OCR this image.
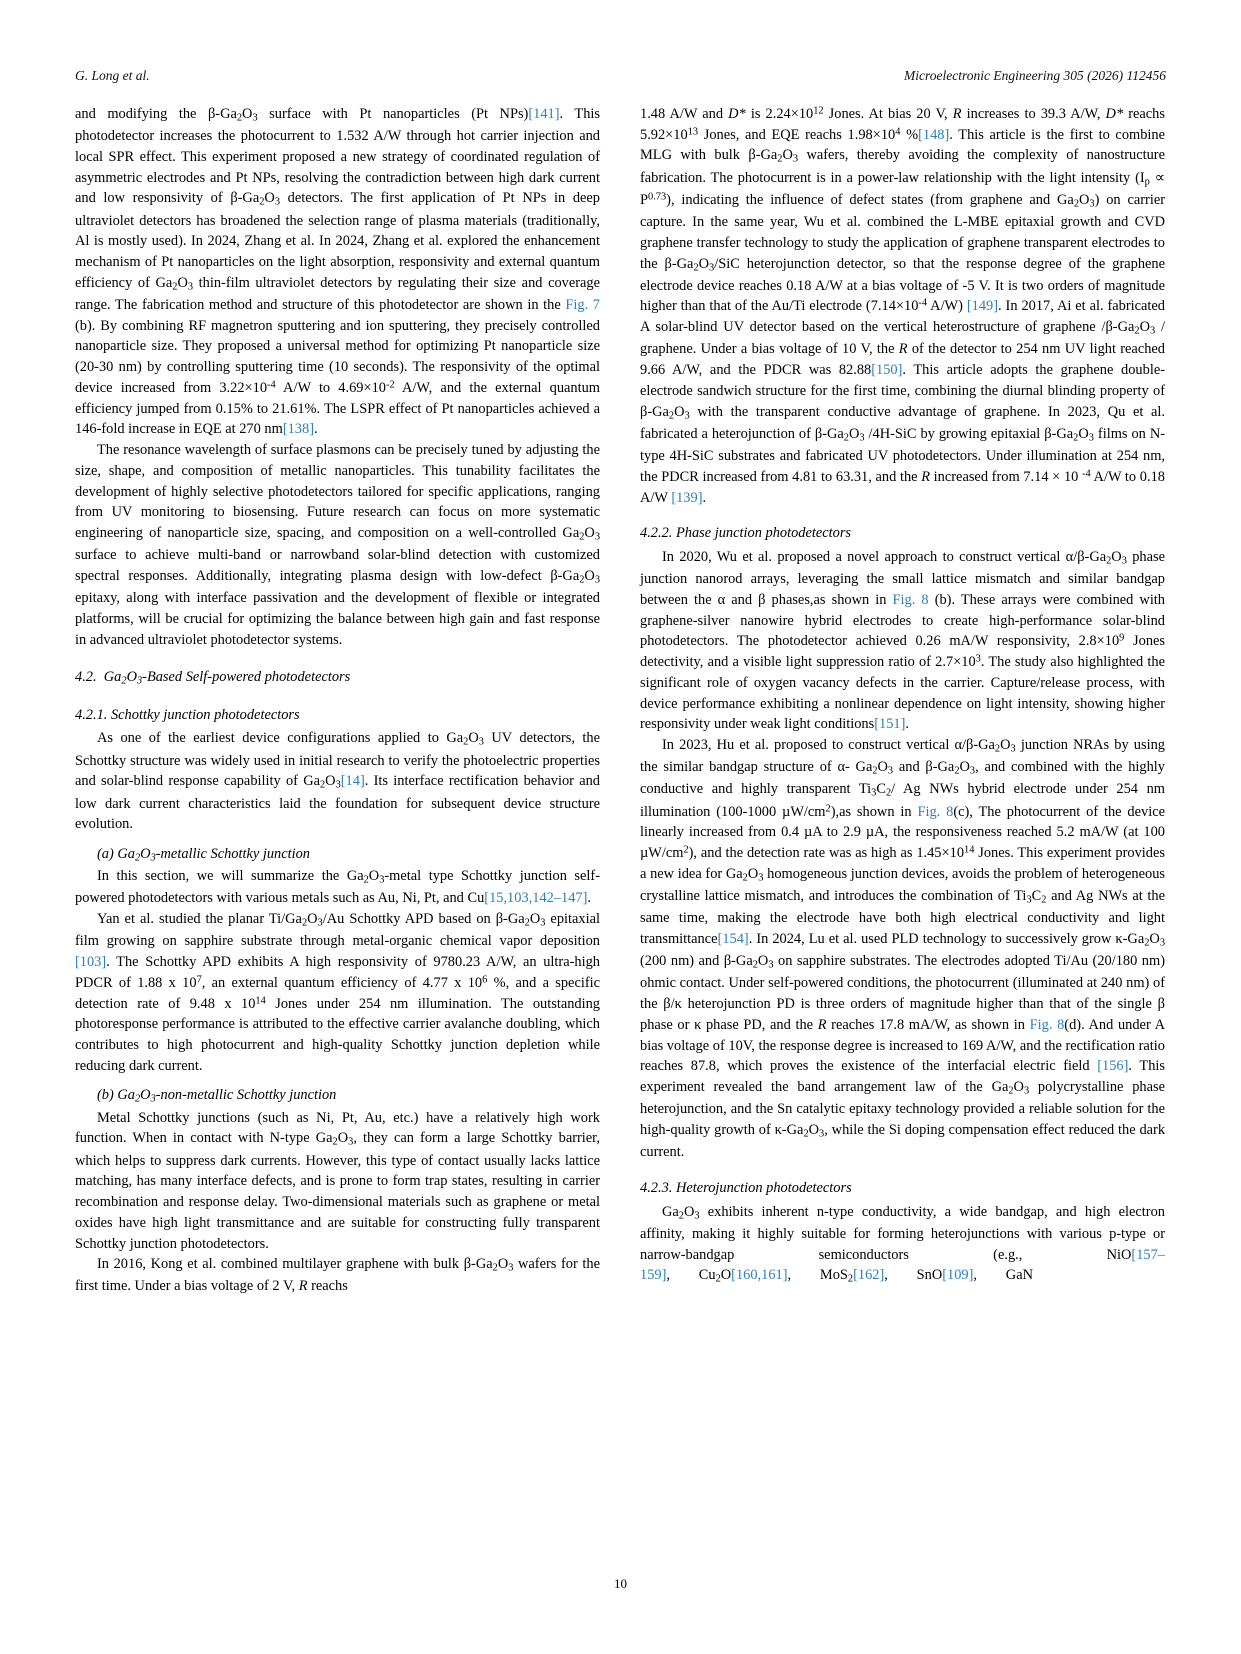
G. Long et al.	Microelectronic Engineering 305 (2026) 112456

and modifying the $\beta-Ga_2O_3$ surface with Pt nanoparticles (Pt NPs)[141]. This photodetector increases the photocurrent to 1.532 A/W through hot carrier injection and local SPR effect. This experiment proposed a new strategy of coordinated regulation of asymmetric electrodes and Pt NPs, resolving the contradiction between high dark current and low responsivity of $\beta-Ga_2O_3$ detectors. The first application of Pt NPs in deep ultraviolet detectors has broadened the selection range of plasma materials (traditionally, Al is mostly used). In 2024, Zhang et al. In 2024, Zhang et al. explored the enhancement mechanism of Pt nanoparticles on the light absorption, responsivity and external quantum efficiency of $Ga_2O_3$ thin-film ultraviolet detectors by regulating their size and coverage range. The fabrication method and structure of this photodetector are shown in the Fig. 7 (b). By combining RF magnetron sputtering and ion sputtering, they precisely controlled nanoparticle size. They proposed a universal method for optimizing Pt nanoparticle size (20-30 nm) by controlling sputtering time (10 seconds). The responsivity of the optimal device increased from $3.22\times 10^{-4}$ A/W to $4.69\times 10^{-2}$ A/W, and the external quantum efficiency jumped from 0.15% to 21.61%. The LSPR effect of Pt nanoparticles achieved a 146-fold increase in EQE at 270 nm[138].

The resonance wavelength of surface plasmons can be precisely tuned by adjusting the size, shape, and composition of metallic nanoparticles. This tunability facilitates the development of highly selective photodetectors tailored for specific applications, ranging from UV monitoring to biosensing. Future research can focus on more systematic engineering of nanoparticle size, spacing, and composition on a well-controlled $Ga_2O_3$ surface to achieve multi-band or narrowband solar-blind detection with customized spectral responses. Additionally, integrating plasma design with low-defect $\beta-Ga_2O_3$ epitaxy, along with interface passivation and the development of flexible or integrated platforms, will be crucial for optimizing the balance between high gain and fast response in advanced ultraviolet photodetector systems.

4.2.  $Ga_2O_3$-Based Self-powered photodetectors
4.2.1. Schottky junction photodetectors

As one of the earliest device configurations applied to $Ga_2O_3$ UV detectors, the Schottky structure was widely used in initial research to verify the photoelectric properties and solar-blind response capability of $Ga_2O_3[14]$. Its interface rectification behavior and low dark current characteristics laid the foundation for subsequent device structure evolution.

(a) $Ga_2O_3$-metallic Schottky junction

In this section, we will summarize the $Ga_2O_3$-metal type Schottky junction self-powered photodetectors with various metals such as Au, Ni, Pt, and Cu[15,103,142–147].

Yan et al. studied the planar $Ti/Ga_2O_3/Au$ Schottky APD based on $\beta-Ga_2O_3$ epitaxial film growing on sapphire substrate through metal-organic chemical vapor deposition [103]. The Schottky APD exhibits A high responsivity of 9780.23 A/W, an ultra-high PDCR of 1.88 x $10^7$, an external quantum efficiency of 4.77 x $10^6$ %, and a specific detection rate of 9.48 x $10^{14}$ Jones under 254 nm illumination. The outstanding photoresponse performance is attributed to the effective carrier avalanche doubling, which contributes to high photocurrent and high-quality Schottky junction depletion while reducing dark current.

(b) $Ga_2O_3-non$-metallic Schottky junction

Metal Schottky junctions (such as Ni, Pt, Au, etc.) have a relatively high work function. When in contact with N-type $Ga_2O_3$, they can form a large Schottky barrier, which helps to suppress dark currents. However, this type of contact usually lacks lattice matching, has many interface defects, and is prone to form trap states, resulting in carrier recombination and response delay. Two-dimensional materials such as graphene or metal oxides have high light transmittance and are suitable for constructing fully transparent Schottky junction photodetectors.

In 2016, Kong et al. combined multilayer graphene with bulk $\beta-Ga_2O_3$ wafers for the first time. Under a bias voltage of 2 V, R reachs

1.48 A/W and D* is $2.24\times 10^{12}$ Jones. At bias 20 V, R increases to 39.3 A/W, D* reachs $5.92\times 10^{13}$ Jones, and EQE reachs $1.98\times 10^4$ %[148]. This article is the first to combine MLG with bulk $\beta-Ga_2O_3$ wafers, thereby avoiding the complexity of nanostructure fabrication. The photocurrent is in a power-law relationship with the light intensity $(I_p \propto P^{0.73})$, indicating the influence of defect states (from graphene and $Ga_2O_3$) on carrier capture. In the same year, Wu et al. combined the L-MBE epitaxial growth and CVD graphene transfer technology to study the application of graphene transparent electrodes to the $\beta-Ga_2O_3$/SiC heterojunction detector, so that the response degree of the graphene electrode device reaches 0.18 A/W at a bias voltage of -5 V. It is two orders of magnitude higher than that of the Au/Ti electrode ($7.14\times 10^{-4}$ A/W) [149]. In 2017, Ai et al. fabricated A solar-blind UV detector based on the vertical heterostructure of graphene $/\beta-Ga_2O_3$ / graphene. Under a bias voltage of 10 V, the R of the detector to 254 nm UV light reached 9.66 A/W, and the PDCR was 82.88[150]. This article adopts the graphene double-electrode sandwich structure for the first time, combining the diurnal blinding property of $\beta-Ga_2O_3$ with the transparent conductive advantage of graphene. In 2023, Qu et al. fabricated a heterojunction of $\beta-Ga_2O_3$ /4H-SiC by growing epitaxial $\beta-Ga_2O_3$ films on N-type 4H-SiC substrates and fabricated UV photodetectors. Under illumination at 254 nm, the PDCR increased from 4.81 to 63.31, and the R increased from 7.14 × 10 $^{-4}$ A/W to 0.18 A/W [139].

4.2.2. Phase junction photodetectors

In 2020, Wu et al. proposed a novel approach to construct vertical $\alpha/\beta-Ga_2O_3$ phase junction nanorod arrays, leveraging the small lattice mismatch and similar bandgap between the α and β phases,as shown in Fig. 8 (b). These arrays were combined with graphene-silver nanowire hybrid electrodes to create high-performance solar-blind photodetectors. The photodetector achieved 0.26 mA/W responsivity, $2.8\times 10^9$ Jones detectivity, and a visible light suppression ratio of $2.7\times 10^3$. The study also highlighted the significant role of oxygen vacancy defects in the carrier. Capture/release process, with device performance exhibiting a nonlinear dependence on light intensity, showing higher responsivity under weak light conditions[151].

In 2023, Hu et al. proposed to construct vertical $\alpha/\beta-Ga_2O_3$ junction NRAs by using the similar bandgap structure of α- $Ga_2O_3$ and $\beta-Ga_2O_3$, and combined with the highly conductive and highly transparent $Ti_3C_2/$ Ag NWs hybrid electrode under 254 nm illumination (100-1000 $\mu W/cm^2),as$ shown in Fig. 8(c), The photocurrent of the device linearly increased from 0.4 µA to 2.9 µA, the responsiveness reached 5.2 mA/W (at 100 $\mu W/cm^2$), and the detection rate was as high as $1.45\times 10^{14}$ Jones. This experiment provides a new idea for $Ga_2O_3$ homogeneous junction devices, avoids the problem of heterogeneous crystalline lattice mismatch, and introduces the combination of $Ti_3C_2$ and Ag NWs at the same time, making the electrode have both high electrical conductivity and light transmittance[154]. In 2024, Lu et al. used PLD technology to successively grow $\kappa-Ga_2O_3$ (200 nm) and $\beta-Ga_2O_3$ on sapphire substrates. The electrodes adopted Ti/Au (20/180 nm) ohmic contact. Under self-powered conditions, the photocurrent (illuminated at 240 nm) of the β/κ heterojunction PD is three orders of magnitude higher than that of the single β phase or κ phase PD, and the R reaches 17.8 mA/W, as shown in Fig. 8(d). And under A bias voltage of 10V, the response degree is increased to 169 A/W, and the rectification ratio reaches 87.8, which proves the existence of the interfacial electric field [156]. This experiment revealed the band arrangement law of the $Ga_2O_3$ polycrystalline phase heterojunction, and the Sn catalytic epitaxy technology provided a reliable solution for the high-quality growth of $\kappa-Ga_2O_3$, while the Si doping compensation effect reduced the dark current.

4.2.3. Heterojunction photodetectors

$Ga_2O_3$ exhibits inherent n-type conductivity, a wide bandgap, and high electron affinity, making it highly suitable for forming heterojunctions with various p-type or narrow-bandgap semiconductors (e.g., NiO[157–159],        $Cu_2O[160,161]$,        MoS$_2$[162],        SnO[109],        GaN

10
